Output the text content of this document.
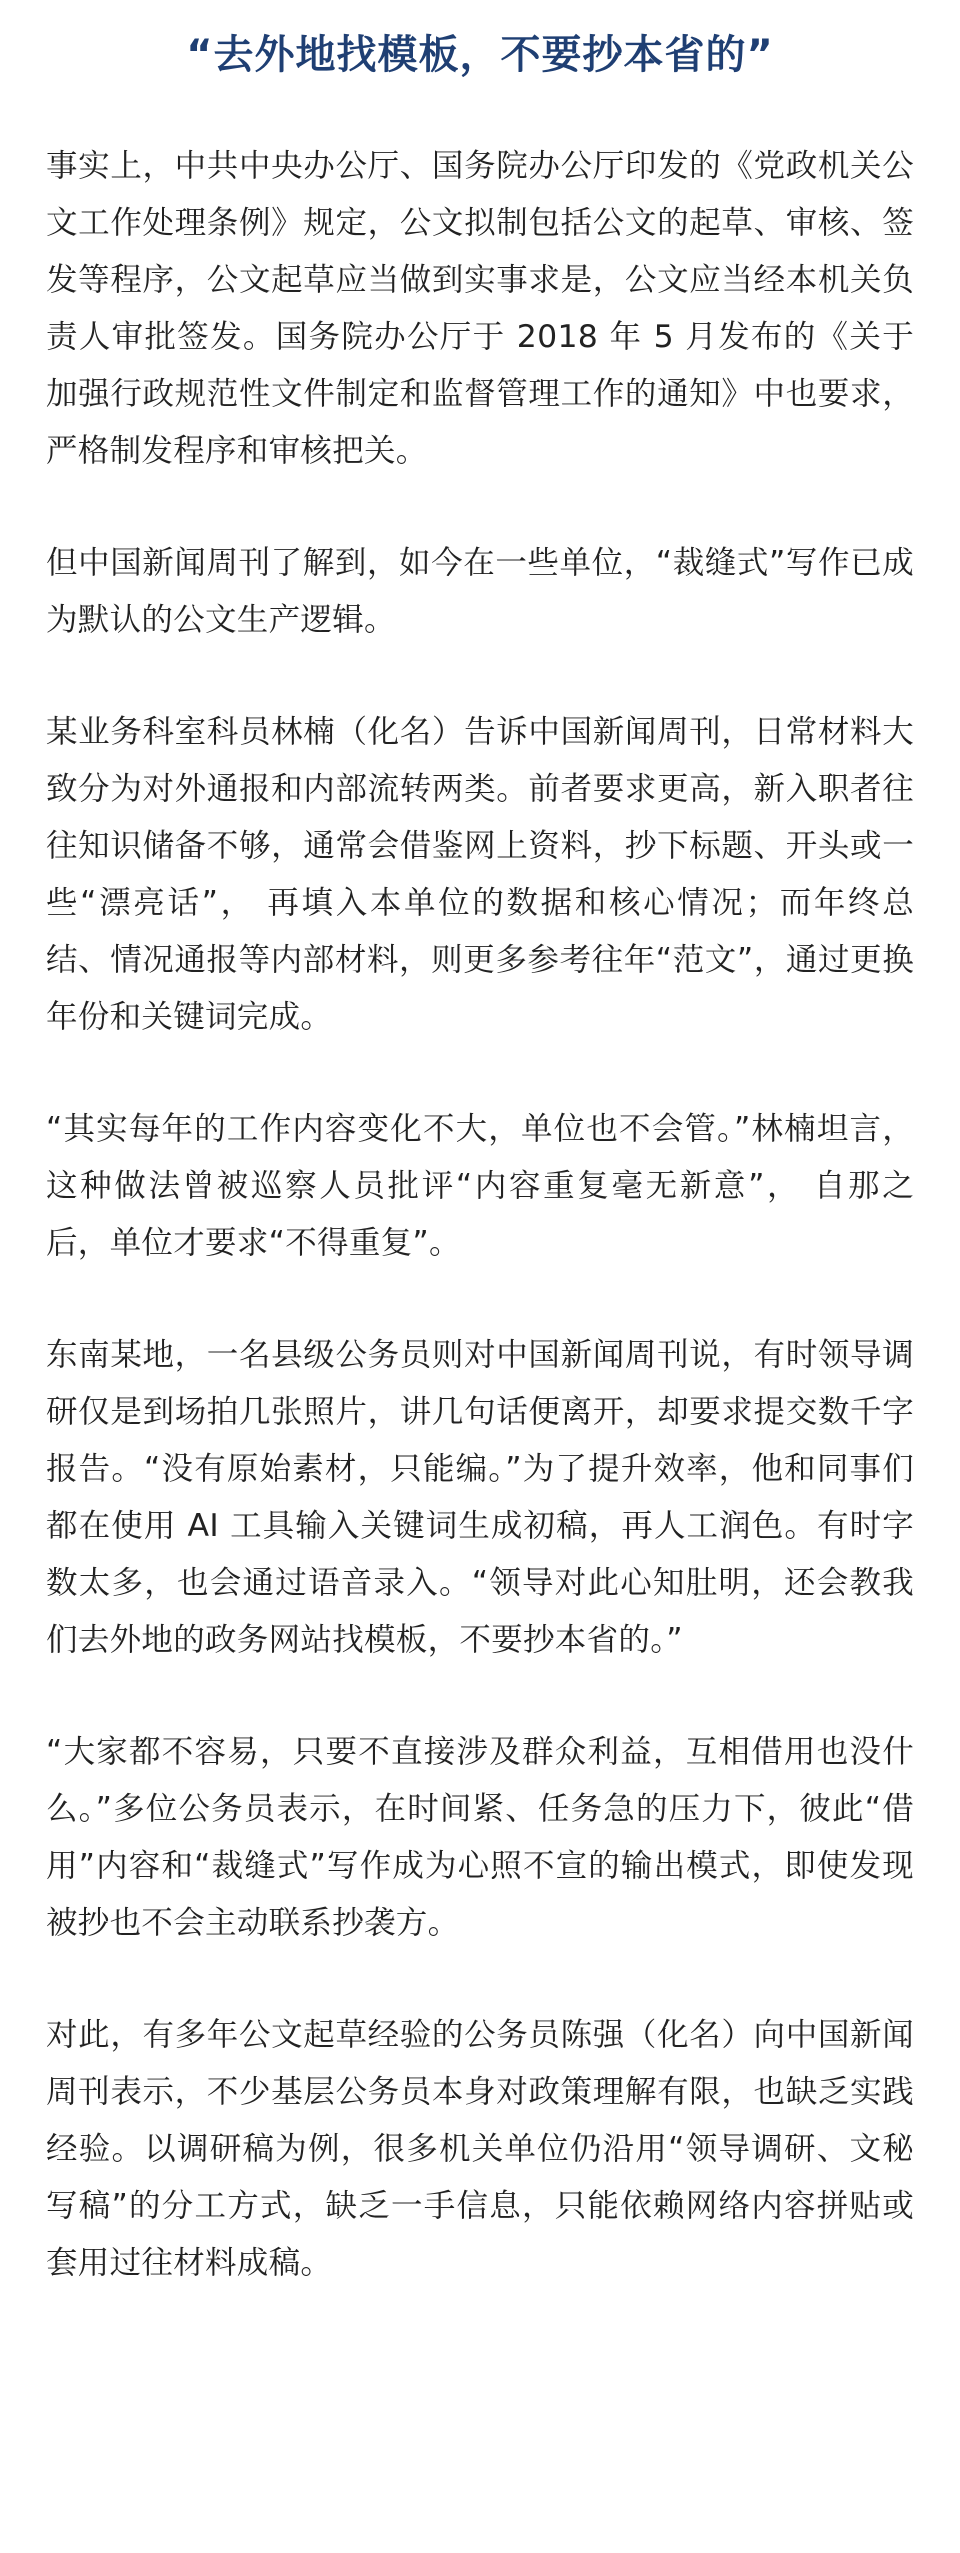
“去外地找模板，不要抄本省的”

事实上，中共中央办公厅、国务院办公厅印发的《党政机关公文工作处理条例》规定，公文拟制包括公文的起草、审核、签发等程序，公文起草应当做到实事求是，公文应当经本机关负责人审批签发。国务院办公厅于 2018 年 5 月发布的《关于加强行政规范性文件制定和监督管理工作的通知》中也要求，严格制发程序和审核把关。

但中国新闻周刊了解到，如今在一些单位，“裁缝式”写作已成为默认的公文生产逻辑。

某业务科室科员林楠（化名）告诉中国新闻周刊，日常材料大致分为对外通报和内部流转两类。前者要求更高，新入职者往往知识储备不够，通常会借鉴网上资料，抄下标题、开头或一些“漂亮话”， 再填入本单位的数据和核心情况；而年终总结、情况通报等内部材料，则更多参考往年“范文”，通过更换年份和关键词完成。

“其实每年的工作内容变化不大，单位也不会管。”林楠坦言，这种做法曾被巡察人员批评“内容重复毫无新意”， 自那之后，单位才要求“不得重复”。

东南某地，一名县级公务员则对中国新闻周刊说，有时领导调研仅是到场拍几张照片，讲几句话便离开，却要求提交数千字报告。“没有原始素材，只能编。”为了提升效率，他和同事们都在使用 AI 工具输入关键词生成初稿，再人工润色。有时字数太多，也会通过语音录入。“领导对此心知肚明，还会教我们去外地的政务网站找模板，不要抄本省的。”

“大家都不容易，只要不直接涉及群众利益，互相借用也没什么。”多位公务员表示，在时间紧、任务急的压力下，彼此“借用”内容和“裁缝式”写作成为心照不宣的输出模式，即使发现被抄也不会主动联系抄袭方。

对此，有多年公文起草经验的公务员陈强（化名）向中国新闻周刊表示，不少基层公务员本身对政策理解有限，也缺乏实践经验。以调研稿为例，很多机关单位仍沿用“领导调研、文秘写稿”的分工方式，缺乏一手信息，只能依赖网络内容拼贴或套用过往材料成稿。
